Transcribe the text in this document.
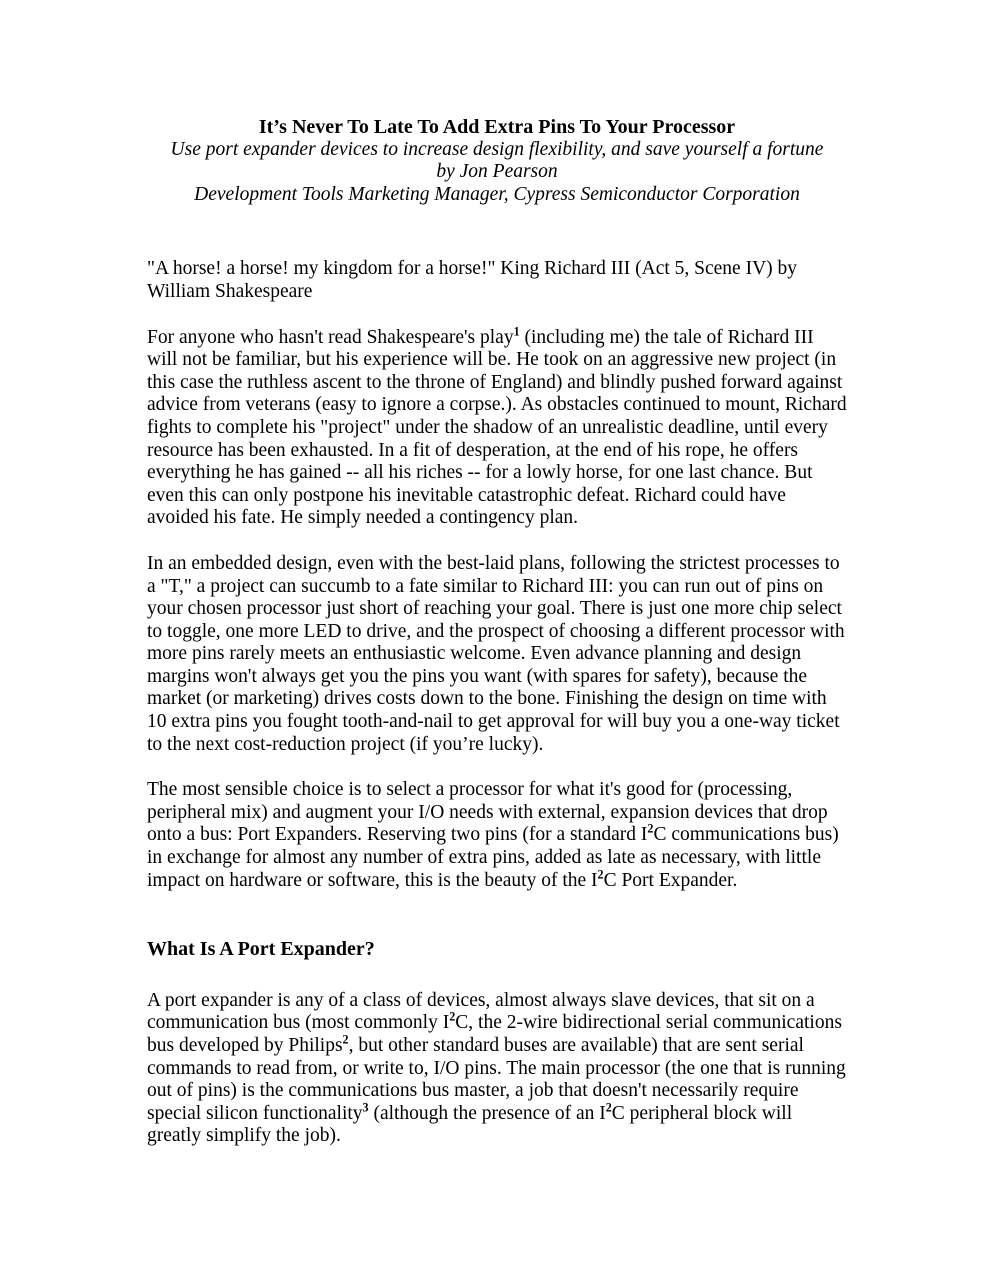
It’s Never To Late To Add Extra Pins To Your Processor

Use port expander devices to increase design flexibility, and save yourself a fortune

by Jon Pearson

Development Tools Marketing Manager, Cypress Semiconductor Corporation

"A horse! a horse! my kingdom for a horse!" King Richard III (Act 5, Scene IV) by William Shakespeare

For anyone who hasn't read Shakespeare's play$^1$ (including me) the tale of Richard III will not be familiar, but his experience will be. He took on an aggressive new project (in this case the ruthless ascent to the throne of England) and blindly pushed forward against advice from veterans (easy to ignore a corpse.). As obstacles continued to mount, Richard fights to complete his "project" under the shadow of an unrealistic deadline, until every resource has been exhausted. In a fit of desperation, at the end of his rope, he offers everything he has gained -- all his riches -- for a lowly horse, for one last chance. But even this can only postpone his inevitable catastrophic defeat. Richard could have avoided his fate. He simply needed a contingency plan.

In an embedded design, even with the best-laid plans, following the strictest processes to a "T," a project can succumb to a fate similar to Richard III: you can run out of pins on your chosen processor just short of reaching your goal. There is just one more chip select to toggle, one more LED to drive, and the prospect of choosing a different processor with more pins rarely meets an enthusiastic welcome. Even advance planning and design margins won't always get you the pins you want (with spares for safety), because the market (or marketing) drives costs down to the bone. Finishing the design on time with 10 extra pins you fought tooth-and-nail to get approval for will buy you a one-way ticket to the next cost-reduction project (if you’re lucky).

The most sensible choice is to select a processor for what it's good for (processing, peripheral mix) and augment your I/O needs with external, expansion devices that drop onto a bus: Port Expanders. Reserving two pins (for a standard I$^2$C communications bus) in exchange for almost any number of extra pins, added as late as necessary, with little impact on hardware or software, this is the beauty of the I$^2$C Port Expander.

What Is A Port Expander?

A port expander is any of a class of devices, almost always slave devices, that sit on a communication bus (most commonly I$^2$C, the 2-wire bidirectional serial communications bus developed by Philips$^2$, but other standard buses are available) that are sent serial commands to read from, or write to, I/O pins. The main processor (the one that is running out of pins) is the communications bus master, a job that doesn't necessarily require special silicon functionality$^3$ (although the presence of an I$^2$C peripheral block will greatly simplify the job).
